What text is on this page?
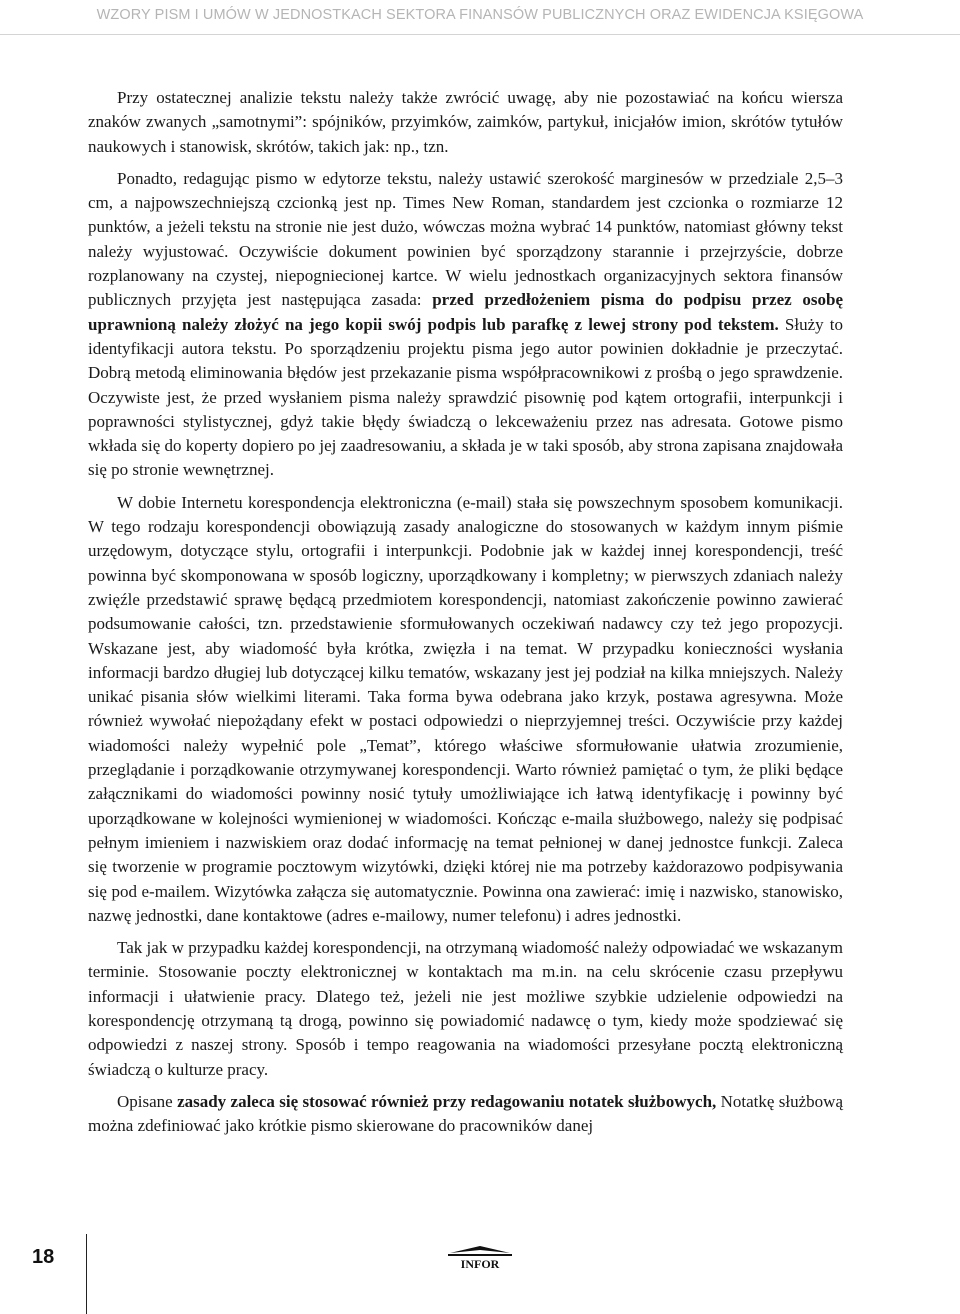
WZORY PISM I UMÓW W JEDNOSTKACH SEKTORA FINANSÓW PUBLICZNYCH ORAZ EWIDENCJA KSIĘGOWA

Przy ostatecznej analizie tekstu należy także zwrócić uwagę, aby nie pozostawiać na końcu wiersza znaków zwanych „samotnymi”: spójników, przyimków, zaimków, partykuł, inicjałów imion, skrótów tytułów naukowych i stanowisk, skrótów, takich jak: np., tzn.

Ponadto, redagując pismo w edytorze tekstu, należy ustawić szerokość marginesów w przedziale 2,5–3 cm, a najpowszechniejszą czcionką jest np. Times New Roman, standardem jest czcionka o rozmiarze 12 punktów, a jeżeli tekstu na stronie nie jest dużo, wówczas można wybrać 14 punktów, natomiast główny tekst należy wyjustować. Oczywiście dokument powinien być sporządzony starannie i przejrzyście, dobrze rozplanowany na czystej, niepogniecionej kartce. W wielu jednostkach organizacyjnych sektora finansów publicznych przyjęta jest następująca zasada: przed przedłożeniem pisma do podpisu przez osobę uprawnioną należy złożyć na jego kopii swój podpis lub parafkę z lewej strony pod tekstem. Służy to identyfikacji autora tekstu. Po sporządzeniu projektu pisma jego autor powinien dokładnie je przeczytać. Dobrą metodą eliminowania błędów jest przekazanie pisma współpracownikowi z prośbą o jego sprawdzenie. Oczywiste jest, że przed wysłaniem pisma należy sprawdzić pisownię pod kątem ortografii, interpunkcji i poprawności stylistycznej, gdyż takie błędy świadczą o lekceważeniu przez nas adresata. Gotowe pismo wkłada się do koperty dopiero po jej zaadresowaniu, a składa je w taki sposób, aby strona zapisana znajdowała się po stronie wewnętrznej.

W dobie Internetu korespondencja elektroniczna (e-mail) stała się powszechnym sposobem komunikacji. W tego rodzaju korespondencji obowiązują zasady analogiczne do stosowanych w każdym innym piśmie urzędowym, dotyczące stylu, ortografii i interpunkcji. Podobnie jak w każdej innej korespondencji, treść powinna być skomponowana w sposób logiczny, uporządkowany i kompletny; w pierwszych zdaniach należy zwięźle przedstawić sprawę będącą przedmiotem korespondencji, natomiast zakończenie powinno zawierać podsumowanie całości, tzn. przedstawienie sformułowanych oczekiwań nadawcy czy też jego propozycji. Wskazane jest, aby wiadomość była krótka, zwięzła i na temat. W przypadku konieczności wysłania informacji bardzo długiej lub dotyczącej kilku tematów, wskazany jest jej podział na kilka mniejszych. Należy unikać pisania słów wielkimi literami. Taka forma bywa odebrana jako krzyk, postawa agresywna. Może również wywołać niepożądany efekt w postaci odpowiedzi o nieprzyjemnej treści. Oczywiście przy każdej wiadomości należy wypełnić pole „Temat”, którego właściwe sformułowanie ułatwia zrozumienie, przeglądanie i porządkowanie otrzymywanej korespondencji. Warto również pamiętać o tym, że pliki będące załącznikami do wiadomości powinny nosić tytuły umożliwiające ich łatwą identyfikację i powinny być uporządkowane w kolejności wymienionej w wiadomości. Kończąc e-maila służbowego, należy się podpisać pełnym imieniem i nazwiskiem oraz dodać informację na temat pełnionej w danej jednostce funkcji. Zaleca się tworzenie w programie pocztowym wizytówki, dzięki której nie ma potrzeby każdorazowo podpisywania się pod e-mailem. Wizytówka załącza się automatycznie. Powinna ona zawierać: imię i nazwisko, stanowisko, nazwę jednostki, dane kontaktowe (adres e-mailowy, numer telefonu) i adres jednostki.

Tak jak w przypadku każdej korespondencji, na otrzymaną wiadomość należy odpowiadać we wskazanym terminie. Stosowanie poczty elektronicznej w kontaktach ma m.in. na celu skrócenie czasu przepływu informacji i ułatwienie pracy. Dlatego też, jeżeli nie jest możliwe szybkie udzielenie odpowiedzi na korespondencję otrzymaną tą drogą, powinno się powiadomić nadawcę o tym, kiedy może spodziewać się odpowiedzi z naszej strony. Sposób i tempo reagowania na wiadomości przesyłane pocztą elektroniczną świadczą o kulturze pracy.

Opisane zasady zaleca się stosować również przy redagowaniu notatek służbowych, Notatkę służbową można zdefiniować jako krótkie pismo skierowane do pracowników danej

18	INFOR
